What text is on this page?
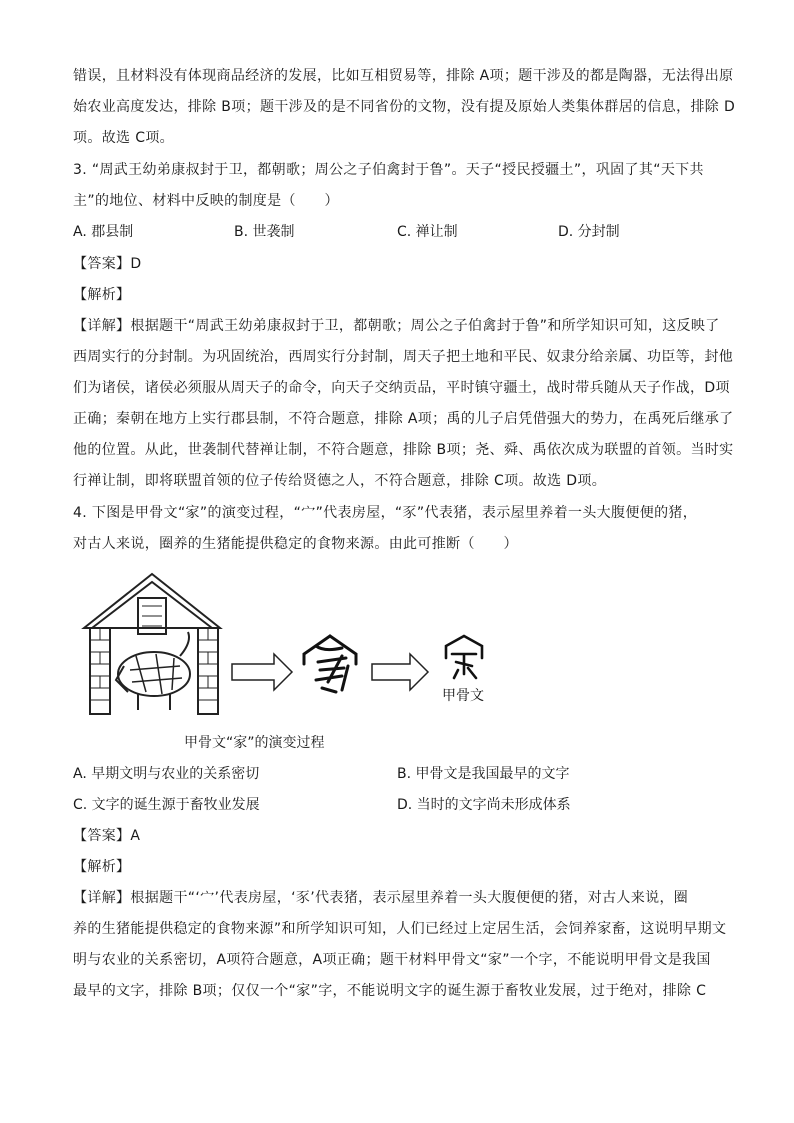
错误，且材料没有体现商品经济的发展，比如互相贸易等，排除 A项；题干涉及的都是陶器，无法得出原
始农业高度发达，排除 B项；题干涉及的是不同省份的文物，没有提及原始人类集体群居的信息，排除 D
项。故选 C项。
3. “周武王幼弟康叔封于卫，都朝歌；周公之子伯禽封于鲁”。天子“授民授疆土”，巩固了其“天下共
主”的地位、材料中反映的制度是（　　）
A. 郡县制	B. 世袭制	C. 禅让制	D. 分封制
【答案】D
【解析】
【详解】根据题干“周武王幼弟康叔封于卫，都朝歌；周公之子伯禽封于鲁”和所学知识可知，这反映了
西周实行的分封制。为巩固统治，西周实行分封制，周天子把土地和平民、奴隶分给亲属、功臣等，封他
们为诸侯，诸侯必须服从周天子的命令，向天子交纳贡品，平时镇守疆土，战时带兵随从天子作战，D项
正确；秦朝在地方上实行郡县制，不符合题意，排除 A项；禹的儿子启凭借强大的势力，在禹死后继承了
他的位置。从此，世袭制代替禅让制，不符合题意，排除 B项；尧、舜、禹依次成为联盟的首领。当时实
行禅让制，即将联盟首领的位子传给贤德之人，不符合题意，排除 C项。故选 D项。
4. 下图是甲骨文“家”的演变过程，“宀”代表房屋，“豕”代表猪，表示屋里养着一头大腹便便的猪，
对古人来说，圈养的生猪能提供稳定的食物来源。由此可推断（　　）
甲骨文
甲骨文“家”的演变过程
A. 早期文明与农业的关系密切	B. 甲骨文是我国最早的文字
C. 文字的诞生源于畜牧业发展	D. 当时的文字尚未形成体系
【答案】A
【解析】
【详解】根据题干“‘宀’代表房屋，‘豕’代表猪，表示屋里养着一头大腹便便的猪，对古人来说，圈
养的生猪能提供稳定的食物来源”和所学知识可知，人们已经过上定居生活，会饲养家畜，这说明早期文
明与农业的关系密切，A项符合题意，A项正确；题干材料甲骨文“家”一个字，不能说明甲骨文是我国
最早的文字，排除 B项；仅仅一个“家”字，不能说明文字的诞生源于畜牧业发展，过于绝对，排除 C
